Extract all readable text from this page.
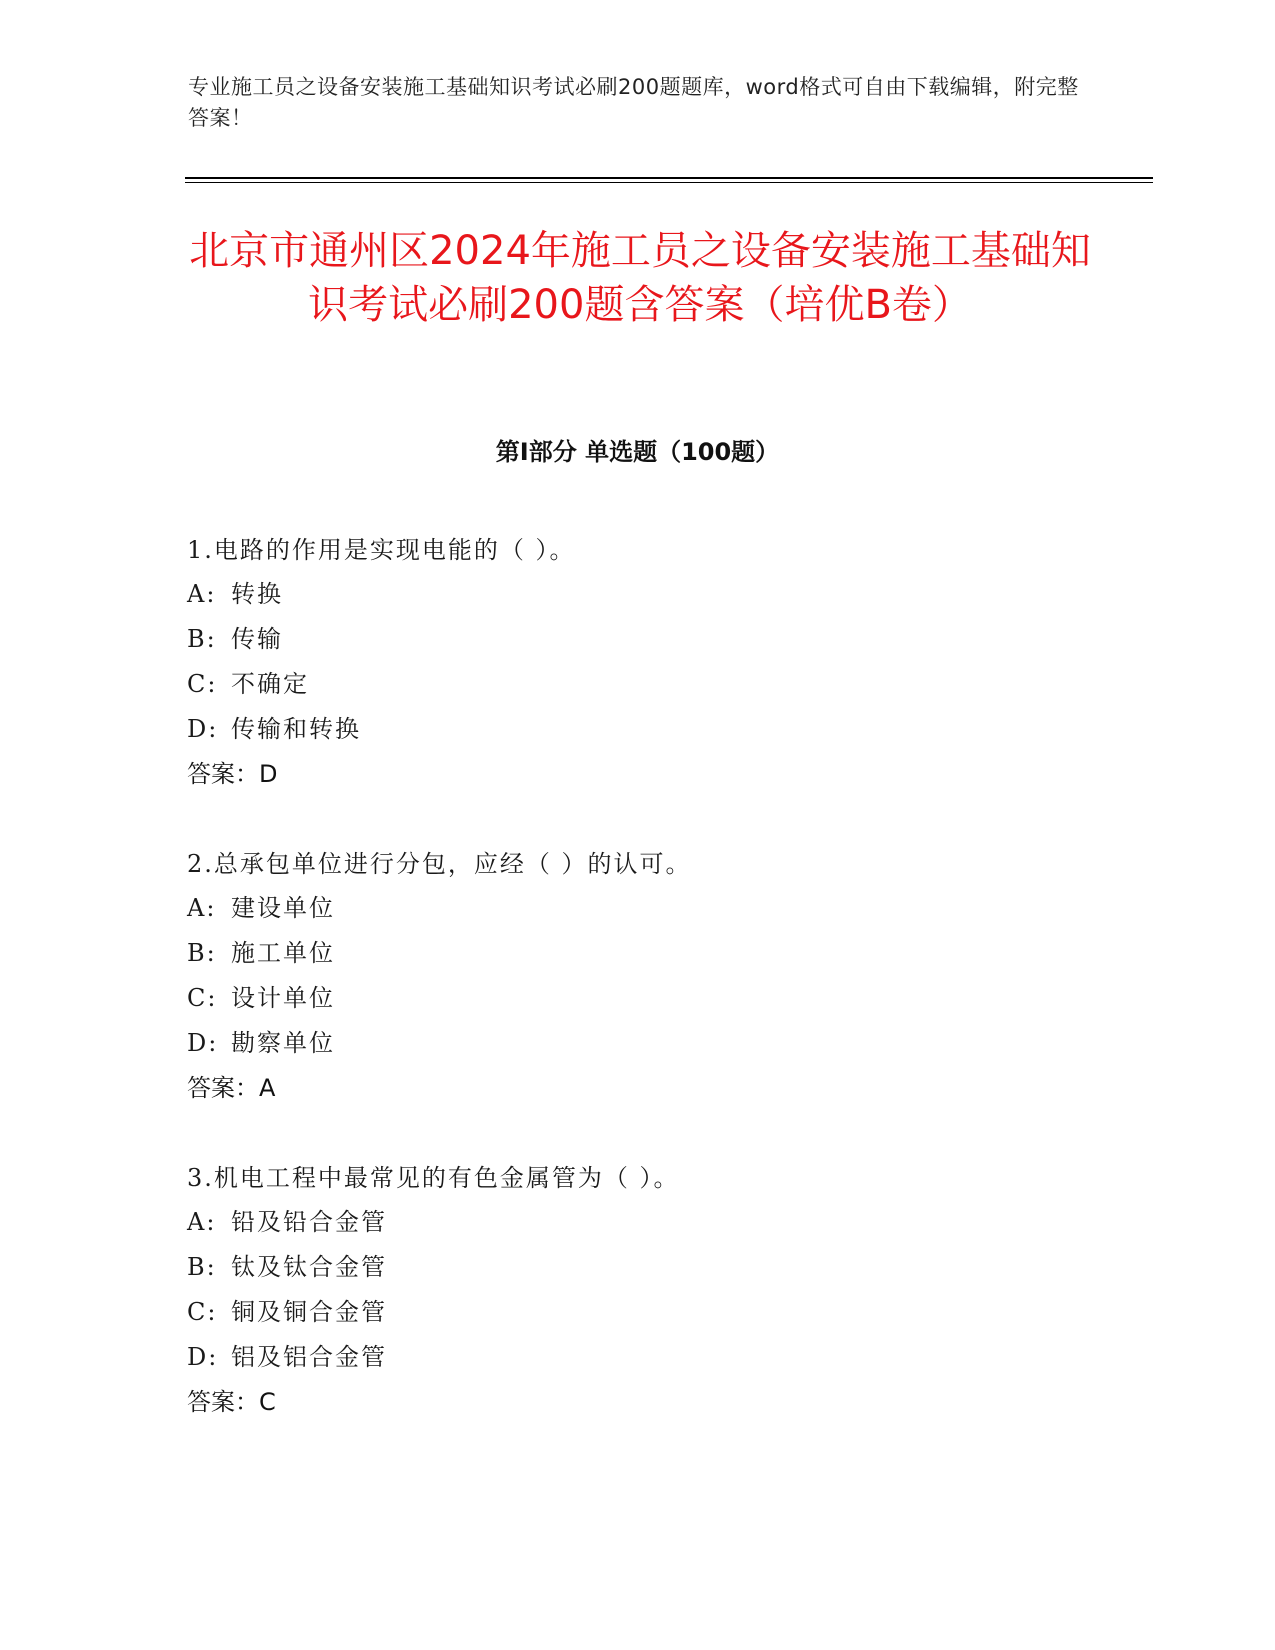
专业施工员之设备安装施工基础知识考试必刷200题题库，word格式可自由下载编辑，附完整答案！
北京市通州区2024年施工员之设备安装施工基础知识考试必刷200题含答案（培优B卷）
第Ⅰ部分 单选题（100题）
1.电路的作用是实现电能的（ ）。
A: 转换
B: 传输
C: 不确定
D: 传输和转换
答案：D
2.总承包单位进行分包，应经（ ）的认可。
A: 建设单位
B: 施工单位
C: 设计单位
D: 勘察单位
答案：A
3.机电工程中最常见的有色金属管为（ ）。
A: 铅及铅合金管
B: 钛及钛合金管
C: 铜及铜合金管
D: 铝及铝合金管
答案：C
